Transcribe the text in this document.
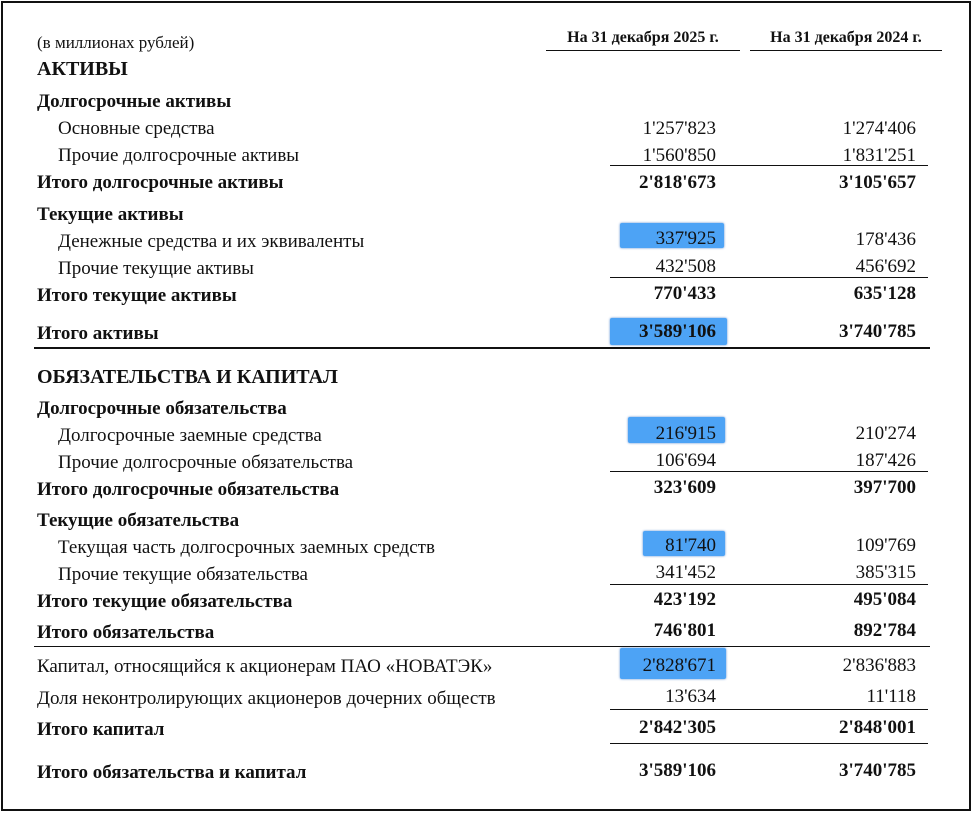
(в миллионах рублей)	На 31 декабря 2025 г.	На 31 декабря 2024 г.
АКТИВЫ
Долгосрочные активы
Основные средства	1'257'823	1'274'406
Прочие долгосрочные активы	1'560'850	1'831'251
Итого долгосрочные активы	2'818'673	3'105'657
Текущие активы
Денежные средства и их эквиваленты	337'925	178'436
Прочие текущие активы	432'508	456'692
Итого текущие активы	770'433	635'128
Итого активы	3'589'106	3'740'785
ОБЯЗАТЕЛЬСТВА И КАПИТАЛ
Долгосрочные обязательства
Долгосрочные заемные средства	216'915	210'274
Прочие долгосрочные обязательства	106'694	187'426
Итого долгосрочные обязательства	323'609	397'700
Текущие обязательства
Текущая часть долгосрочных заемных средств	81'740	109'769
Прочие текущие обязательства	341'452	385'315
Итого текущие обязательства	423'192	495'084
Итого обязательства	746'801	892'784
Капитал, относящийся к акционерам ПАО «НОВАТЭК»	2'828'671	2'836'883
Доля неконтролирующих акционеров дочерних обществ	13'634	11'118
Итого капитал	2'842'305	2'848'001
Итого обязательства и капитал	3'589'106	3'740'785
